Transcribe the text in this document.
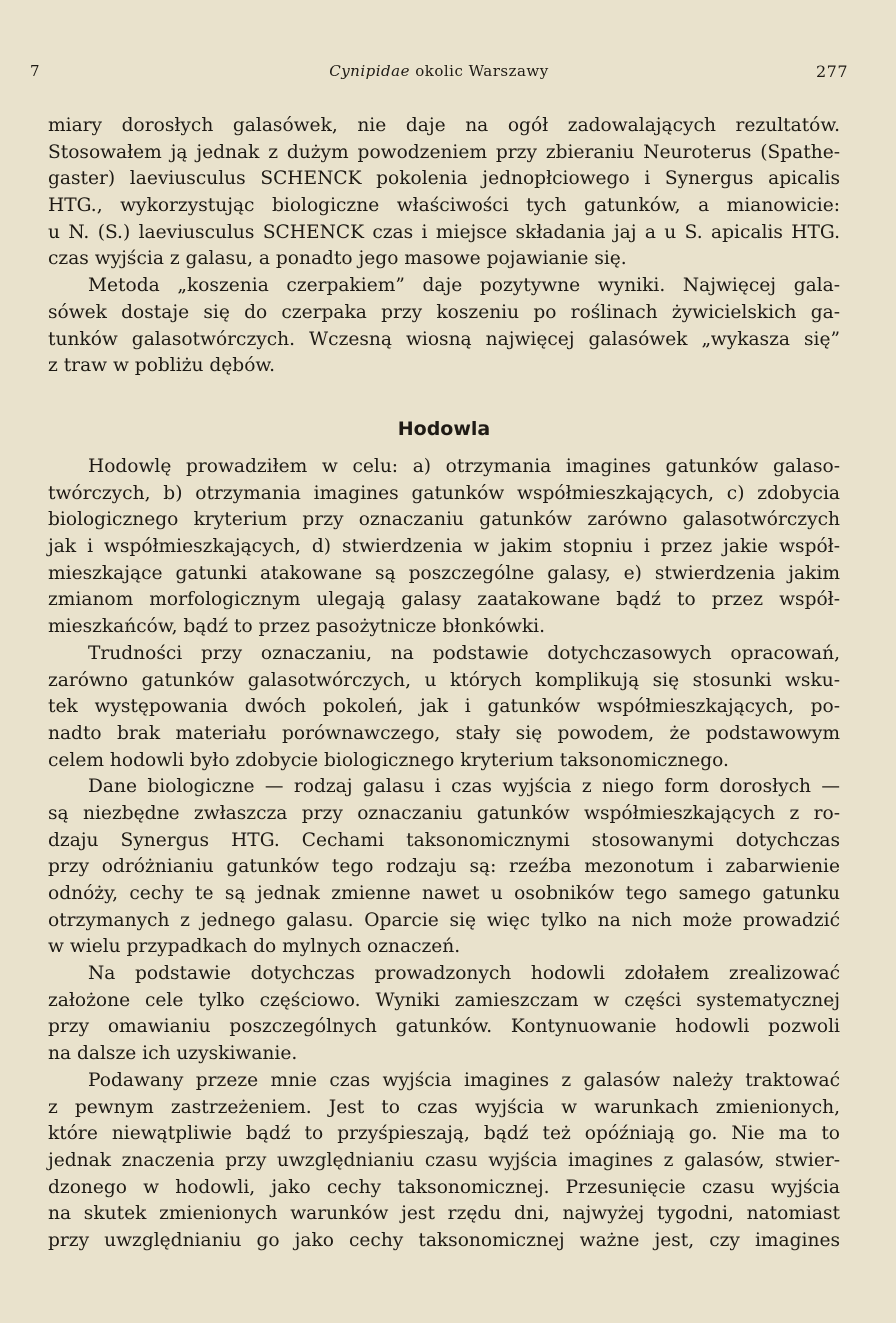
7	Cynipidae okolic Warszawy	277
miary dorosłych galasówek, nie daje na ogół zadowalających rezultatów.
Stosowałem ją jednak z dużym powodzeniem przy zbieraniu Neuroterus (Spathe-
gaster) laeviusculus SCHENCK pokolenia jednopłciowego i Synergus apicalis
HTG., wykorzystując biologiczne właściwości tych gatunków, a mianowicie:
u N. (S.) laeviusculus SCHENCK czas i miejsce składania jaj a u S. apicalis HTG.
czas wyjścia z galasu, a ponadto jego masowe pojawianie się.
Metoda „koszenia czerpakiem” daje pozytywne wyniki. Najwięcej gala-
sówek dostaje się do czerpaka przy koszeniu po roślinach żywicielskich ga-
tunków galasotwórczych. Wczesną wiosną najwięcej galasówek „wykasza się”
z traw w pobliżu dębów.
Hodowla
Hodowlę prowadziłem w celu: a) otrzymania imagines gatunków galaso-
twórczych, b) otrzymania imagines gatunków współmieszkających, c) zdobycia
biologicznego kryterium przy oznaczaniu gatunków zarówno galasotwórczych
jak i współmieszkających, d) stwierdzenia w jakim stopniu i przez jakie współ-
mieszkające gatunki atakowane są poszczególne galasy, e) stwierdzenia jakim
zmianom morfologicznym ulegają galasy zaatakowane bądź to przez współ-
mieszkańców, bądź to przez pasożytnicze błonkówki.
Trudności przy oznaczaniu, na podstawie dotychczasowych opracowań,
zarówno gatunków galasotwórczych, u których komplikują się stosunki wsku-
tek występowania dwóch pokoleń, jak i gatunków współmieszkających, po-
nadto brak materiału porównawczego, stały się powodem, że podstawowym
celem hodowli było zdobycie biologicznego kryterium taksonomicznego.
Dane biologiczne — rodzaj galasu i czas wyjścia z niego form dorosłych —
są niezbędne zwłaszcza przy oznaczaniu gatunków współmieszkających z ro-
dzaju Synergus HTG. Cechami taksonomicznymi stosowanymi dotychczas
przy odróżnianiu gatunków tego rodzaju są: rzeźba mezonotum i zabarwienie
odnóży, cechy te są jednak zmienne nawet u osobników tego samego gatunku
otrzymanych z jednego galasu. Oparcie się więc tylko na nich może prowadzić
w wielu przypadkach do mylnych oznaczeń.
Na podstawie dotychczas prowadzonych hodowli zdołałem zrealizować
założone cele tylko częściowo. Wyniki zamieszczam w części systematycznej
przy omawianiu poszczególnych gatunków. Kontynuowanie hodowli pozwoli
na dalsze ich uzyskiwanie.
Podawany przeze mnie czas wyjścia imagines z galasów należy traktować
z pewnym zastrzeżeniem. Jest to czas wyjścia w warunkach zmienionych,
które niewątpliwie bądź to przyśpieszają, bądź też opóźniają go. Nie ma to
jednak znaczenia przy uwzględnianiu czasu wyjścia imagines z galasów, stwier-
dzonego w hodowli, jako cechy taksonomicznej. Przesunięcie czasu wyjścia
na skutek zmienionych warunków jest rzędu dni, najwyżej tygodni, natomiast
przy uwzględnianiu go jako cechy taksonomicznej ważne jest, czy imagines
